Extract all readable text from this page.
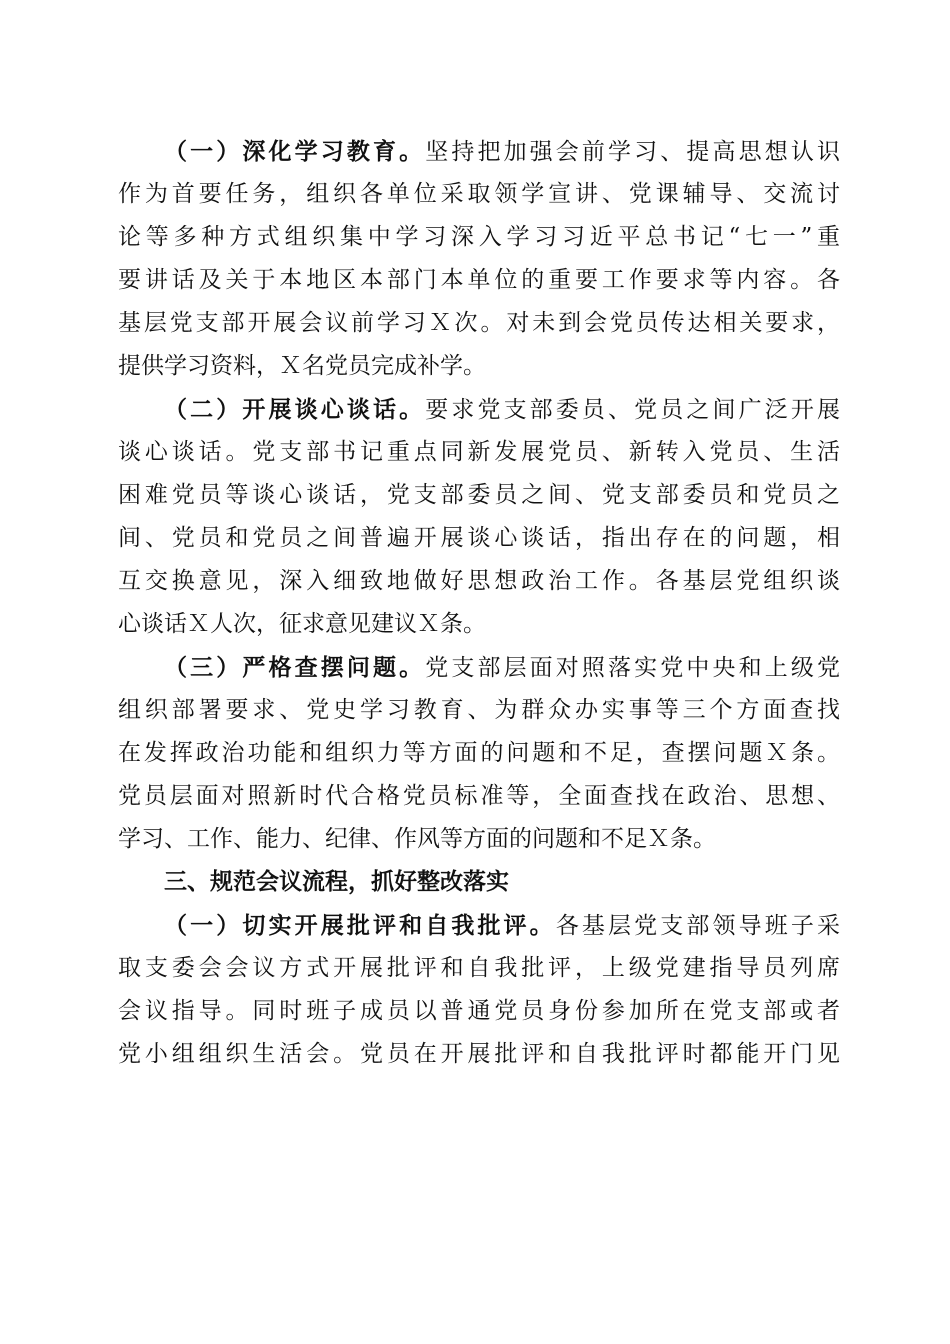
（一）深化学习教育。坚持把加强会前学习、提高思想认识
作为首要任务，组织各单位采取领学宣讲、党课辅导、交流讨
论等多种方式组织集中学习深入学习习近平总书记“七一”重
要讲话及关于本地区本部门本单位的重要工作要求等内容。各
基层党支部开展会议前学习Ｘ次。对未到会党员传达相关要求，
提供学习资料，Ｘ名党员完成补学。
（二）开展谈心谈话。要求党支部委员、党员之间广泛开展
谈心谈话。党支部书记重点同新发展党员、新转入党员、生活
困难党员等谈心谈话，党支部委员之间、党支部委员和党员之
间、党员和党员之间普遍开展谈心谈话，指出存在的问题，相
互交换意见，深入细致地做好思想政治工作。各基层党组织谈
心谈话Ｘ人次，征求意见建议Ｘ条。
（三）严格查摆问题。党支部层面对照落实党中央和上级党
组织部署要求、党史学习教育、为群众办实事等三个方面查找
在发挥政治功能和组织力等方面的问题和不足，查摆问题Ｘ条。
党员层面对照新时代合格党员标准等，全面查找在政治、思想、
学习、工作、能力、纪律、作风等方面的问题和不足Ｘ条。
三、规范会议流程，抓好整改落实
（一）切实开展批评和自我批评。各基层党支部领导班子采
取支委会会议方式开展批评和自我批评，上级党建指导员列席
会议指导。同时班子成员以普通党员身份参加所在党支部或者
党小组组织生活会。党员在开展批评和自我批评时都能开门见
